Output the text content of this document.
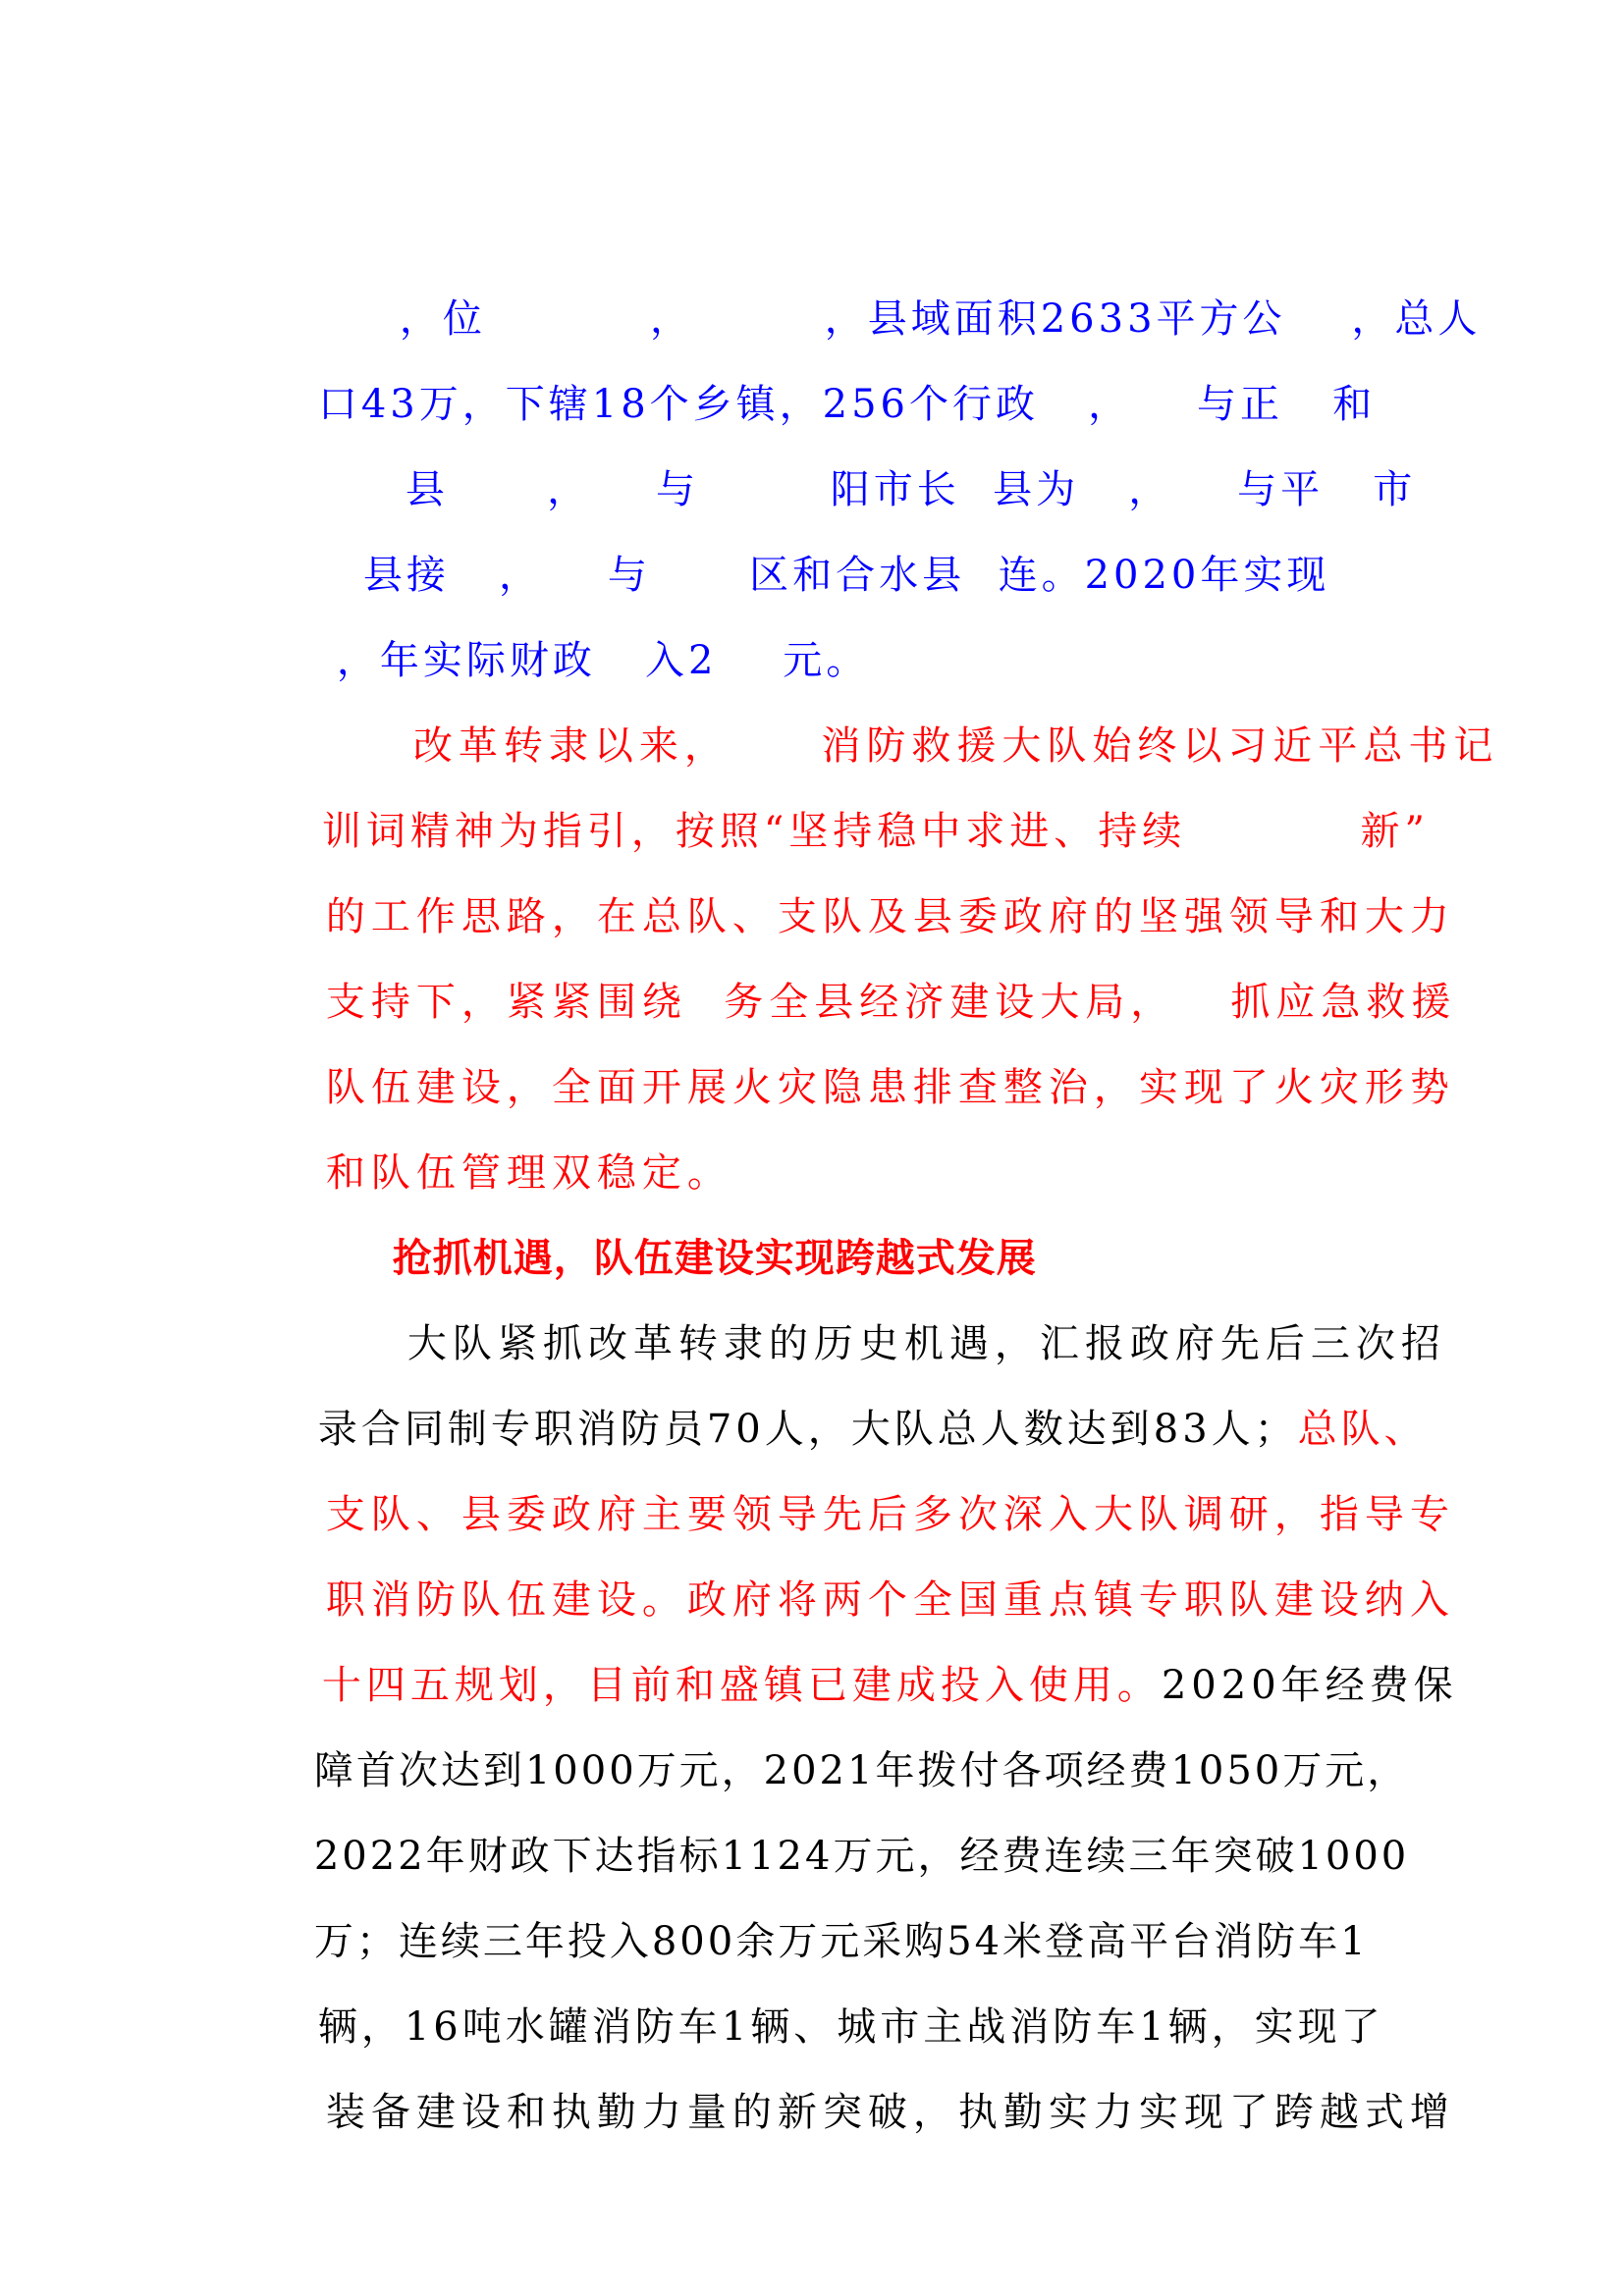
，位          ，        ，县域面积2633平方公    ，总人

口43万，下辖18个乡镇，256个行政   ，    与正   和

县      ，    与        阳市长  县为   ，    与平   市

县接   ，    与      区和合水县  连。2020年实现

，年实际财政   入2    元。

改革转隶以来，     消防救援大队始终以习近平总书记

训词精神为指引，按照“坚持稳中求进、持续          新”

的工作思路，在总队、支队及县委政府的坚强领导和大力

支持下，紧紧围绕  务全县经济建设大局，   抓应急救援

队伍建设，全面开展火灾隐患排查整治，实现了火灾形势

和队伍管理双稳定。

抢抓机遇，队伍建设实现跨越式发展

大队紧抓改革转隶的历史机遇，汇报政府先后三次招

录合同制专职消防员70人，大队总人数达到83人；总队、

支队、县委政府主要领导先后多次深入大队调研，指导专

职消防队伍建设。政府将两个全国重点镇专职队建设纳入

十四五规划，目前和盛镇已建成投入使用。2020年经费保

障首次达到1000万元，2021年拨付各项经费1050万元，

2022年财政下达指标1124万元，经费连续三年突破1000

万；连续三年投入800余万元采购54米登高平台消防车1

辆，16吨水罐消防车1辆、城市主战消防车1辆，实现了

装备建设和执勤力量的新突破，执勤实力实现了跨越式增
